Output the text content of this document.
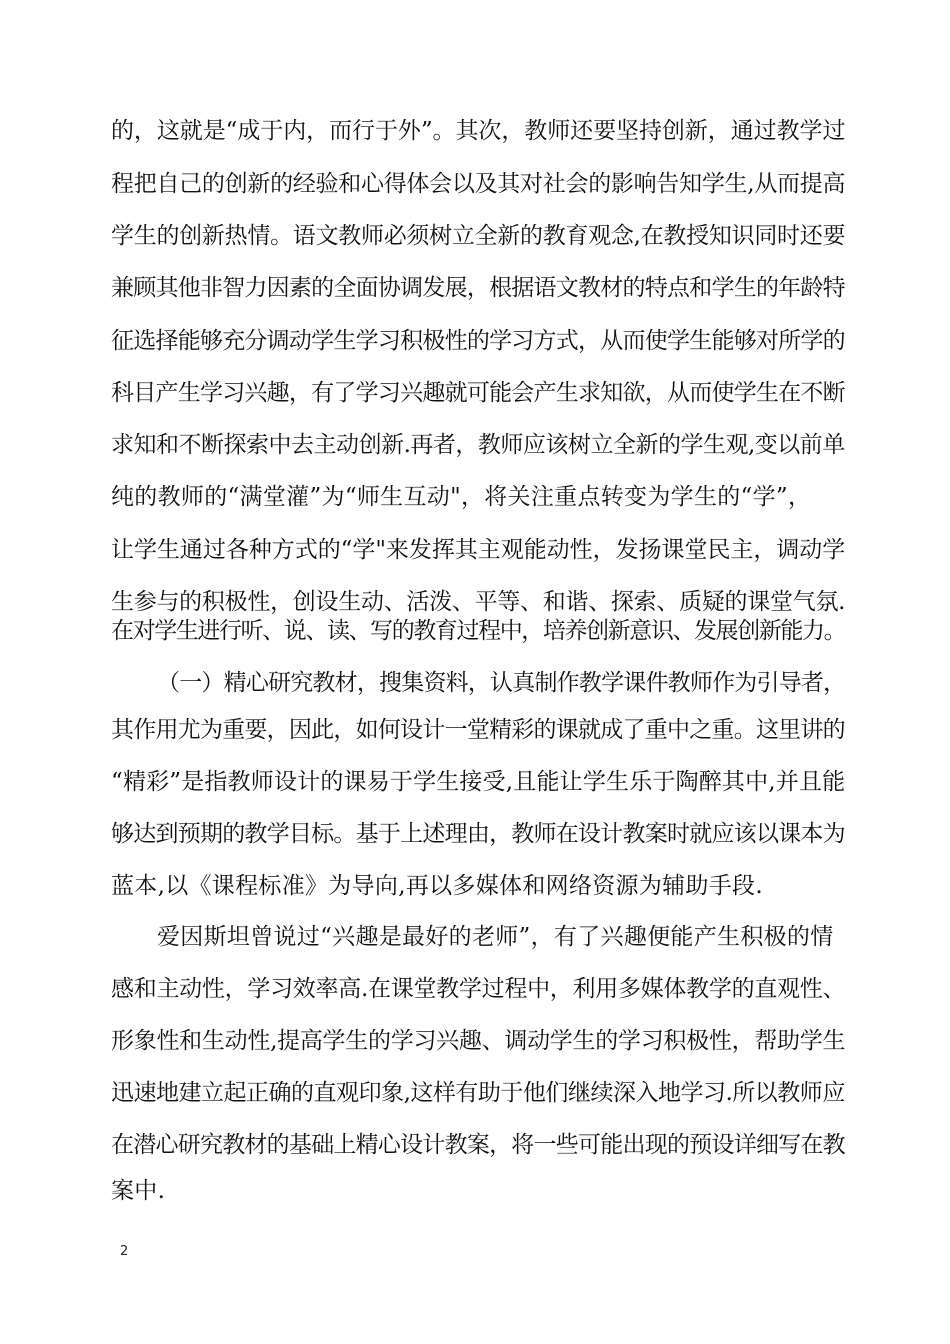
的，这就是“成于内，而行于外”。其次，教师还要坚持创新，通过教学过
程把自己的创新的经验和心得体会以及其对社会的影响告知学生,从而提高
学生的创新热情。语文教师必须树立全新的教育观念,在教授知识同时还要
兼顾其他非智力因素的全面协调发展，根据语文教材的特点和学生的年龄特
征选择能够充分调动学生学习积极性的学习方式，从而使学生能够对所学的
科目产生学习兴趣，有了学习兴趣就可能会产生求知欲，从而使学生在不断
求知和不断探索中去主动创新.再者，教师应该树立全新的学生观,变以前单
纯的教师的“满堂灌”为“师生互动"，将关注重点转变为学生的“学”，
让学生通过各种方式的“学"来发挥其主观能动性，发扬课堂民主，调动学
生参与的积极性，创设生动、活泼、平等、和谐、探索、质疑的课堂气氛.
在对学生进行听、说、读、写的教育过程中，培养创新意识、发展创新能力。
（一）精心研究教材，搜集资料，认真制作教学课件教师作为引导者，
其作用尤为重要，因此，如何设计一堂精彩的课就成了重中之重。这里讲的
“精彩”是指教师设计的课易于学生接受,且能让学生乐于陶醉其中,并且能
够达到预期的教学目标。基于上述理由，教师在设计教案时就应该以课本为
蓝本,以《课程标准》为导向,再以多媒体和网络资源为辅助手段.
爱因斯坦曾说过“兴趣是最好的老师”，有了兴趣便能产生积极的情
感和主动性，学习效率高.在课堂教学过程中，利用多媒体教学的直观性、
形象性和生动性,提高学生的学习兴趣、调动学生的学习积极性，帮助学生
迅速地建立起正确的直观印象,这样有助于他们继续深入地学习.所以教师应
在潜心研究教材的基础上精心设计教案，将一些可能出现的预设详细写在教
案中.
2
